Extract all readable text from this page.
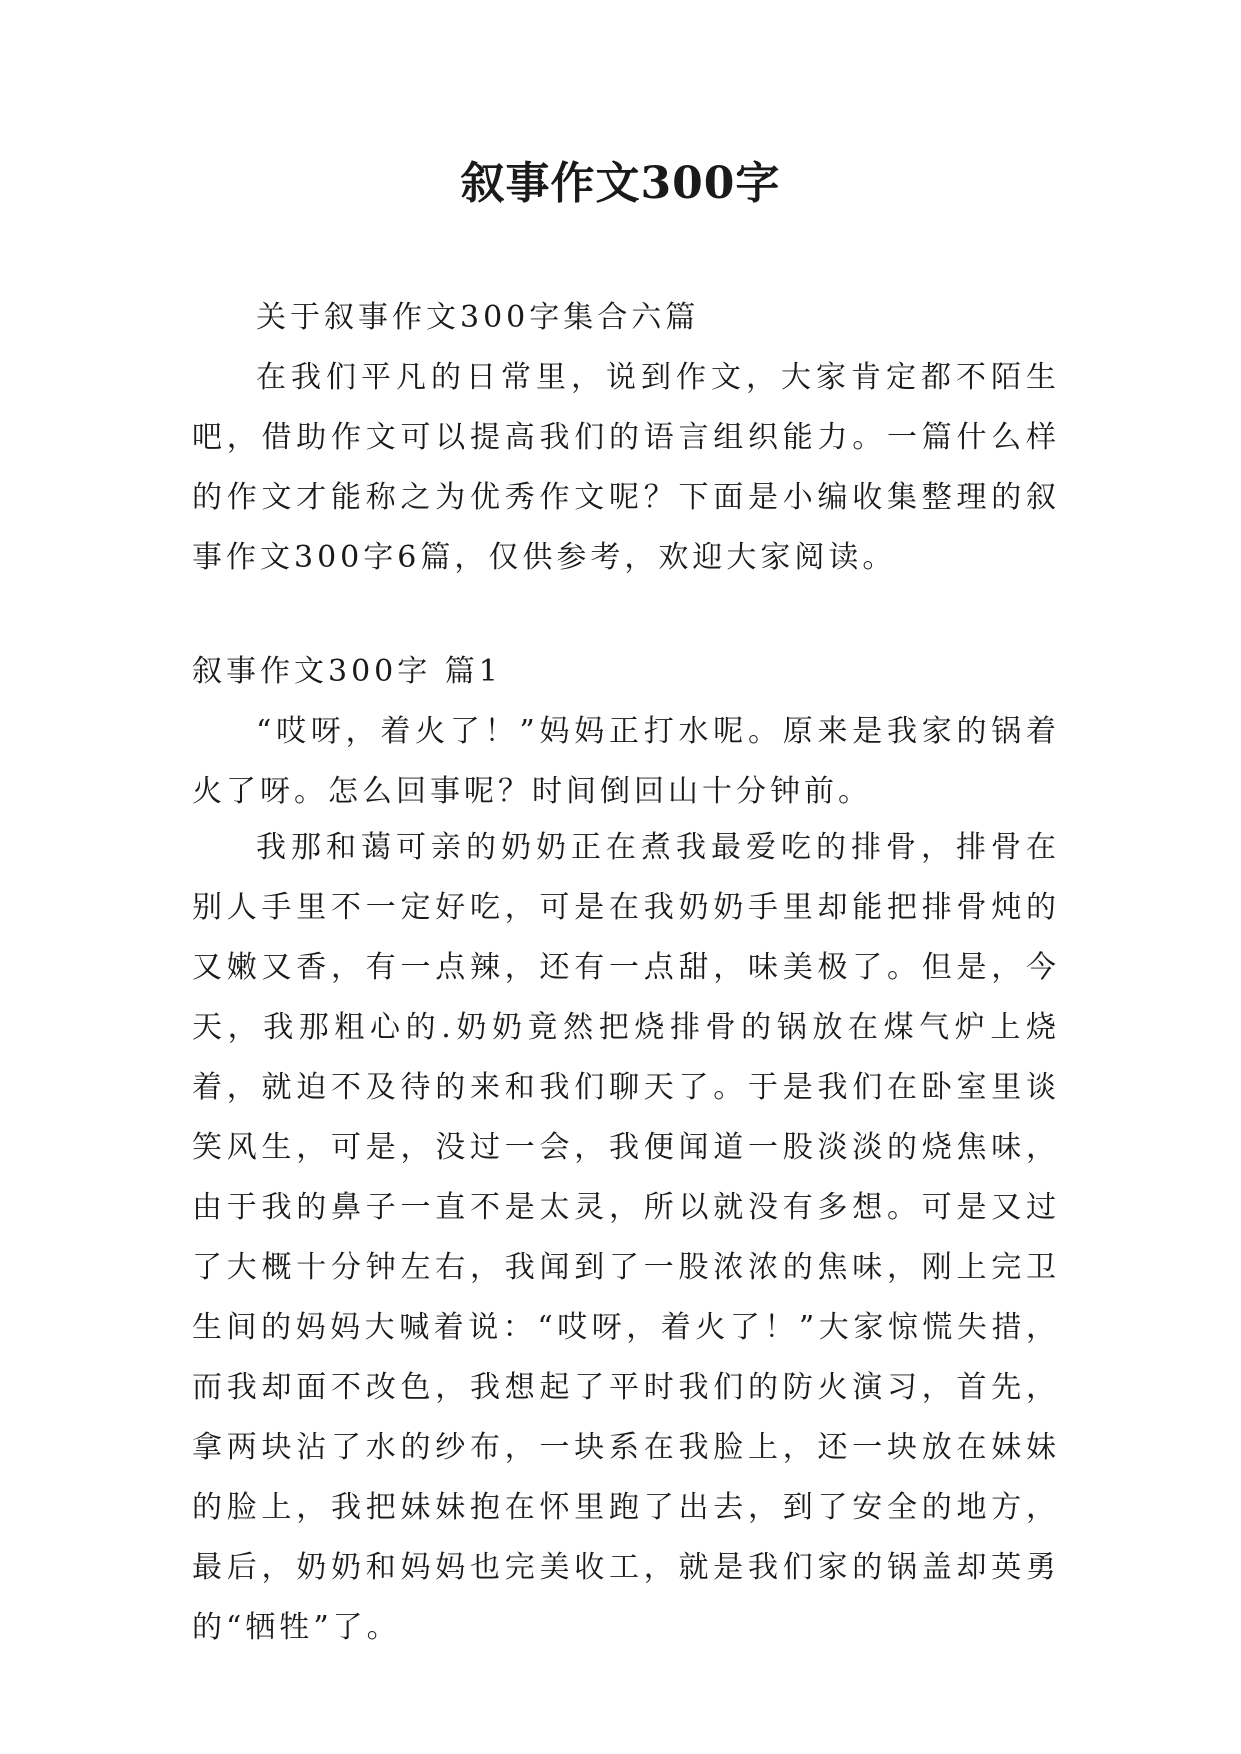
叙事作文300字

关于叙事作文300字集合六篇

在我们平凡的日常里，说到作文，大家肯定都不陌生吧，借助作文可以提高我们的语言组织能力。一篇什么样的作文才能称之为优秀作文呢？下面是小编收集整理的叙事作文300字6篇，仅供参考，欢迎大家阅读。

叙事作文300字 篇1

“哎呀，着火了！”妈妈正打水呢。原来是我家的锅着火了呀。怎么回事呢？时间倒回山十分钟前。

我那和蔼可亲的奶奶正在煮我最爱吃的排骨，排骨在别人手里不一定好吃，可是在我奶奶手里却能把排骨炖的又嫩又香，有一点辣，还有一点甜，味美极了。但是，今天，我那粗心的.奶奶竟然把烧排骨的锅放在煤气炉上烧着，就迫不及待的来和我们聊天了。于是我们在卧室里谈笑风生，可是，没过一会，我便闻道一股淡淡的烧焦味，由于我的鼻子一直不是太灵，所以就没有多想。可是又过了大概十分钟左右，我闻到了一股浓浓的焦味，刚上完卫生间的妈妈大喊着说：“哎呀，着火了！”大家惊慌失措，而我却面不改色，我想起了平时我们的防火演习，首先，拿两块沾了水的纱布，一块系在我脸上，还一块放在妹妹的脸上，我把妹妹抱在怀里跑了出去，到了安全的地方，最后，奶奶和妈妈也完美收工，就是我们家的锅盖却英勇的“牺牲”了。
